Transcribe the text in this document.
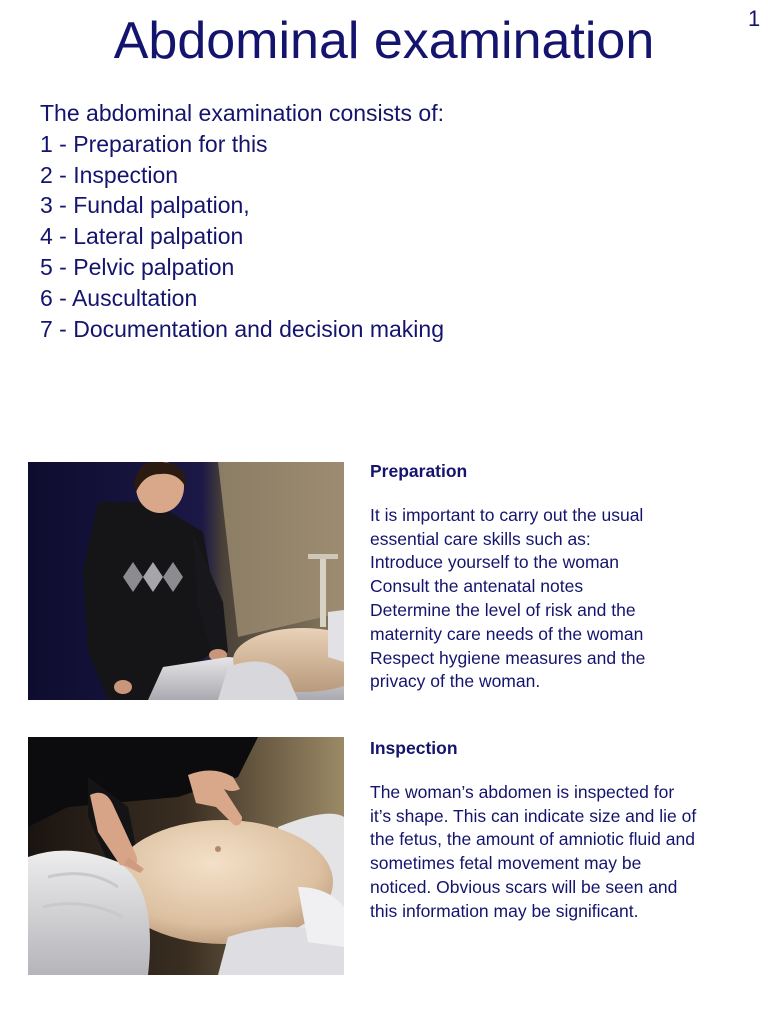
1
Abdominal examination
The abdominal examination consists of:
1 - Preparation for this
2 - Inspection
3 - Fundal palpation,
4 - Lateral palpation
5 - Pelvic palpation
6 - Auscultation
7 - Documentation and decision making
Preparation
It is important to carry out the usual
essential care skills such as:
Introduce yourself to the woman
Consult the antenatal notes
Determine the level of risk and the
maternity care needs of the woman
Respect hygiene measures and the
privacy of the woman.
Inspection
The woman’s abdomen is inspected for
it’s shape. This can indicate size and lie of
the fetus, the amount of amniotic fluid and
sometimes fetal movement may be
noticed. Obvious scars will be seen and
this information may be significant.
